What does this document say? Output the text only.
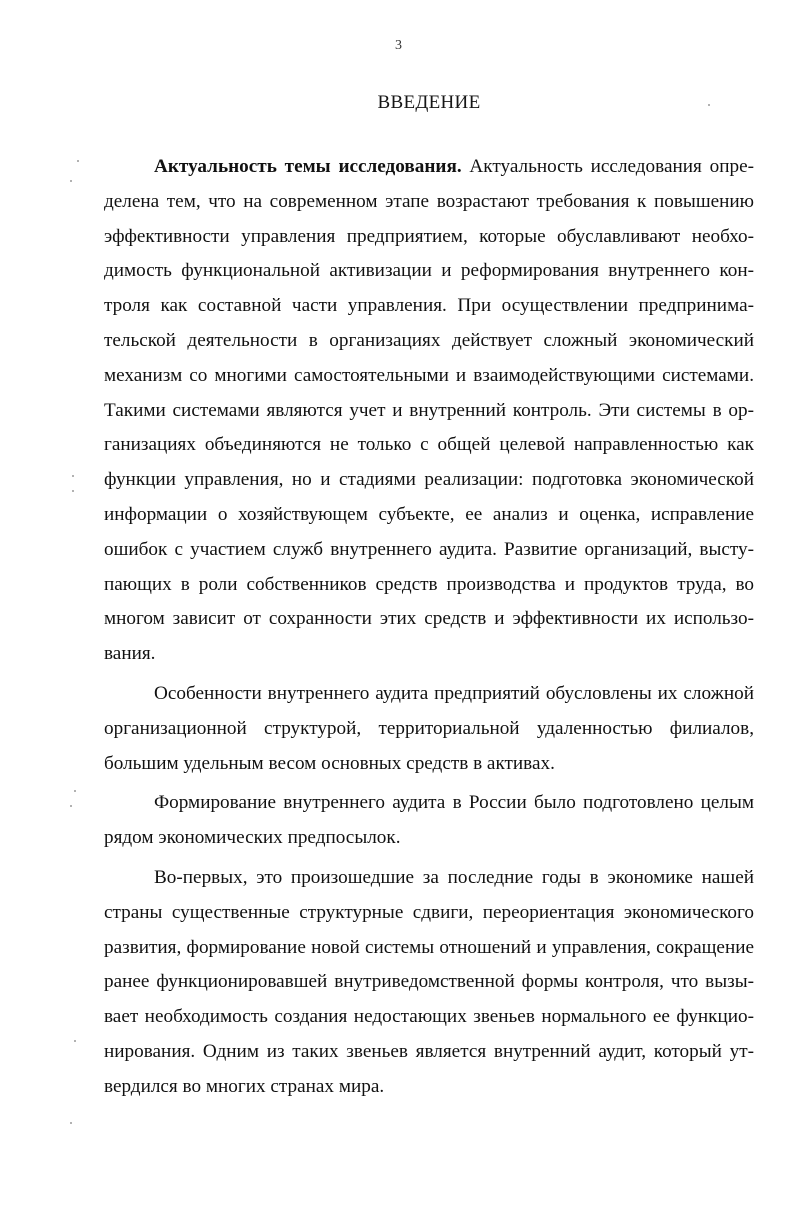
3
ВВЕДЕНИЕ

Актуальность темы исследования. Актуальность исследования определена тем, что на современном этапе возрастают требования к повышению эффективности управления предприятием, которые обуславливают необходимость функциональной активизации и реформирования внутреннего контроля как составной части управления. При осуществлении предпринимательской деятельности в организациях действует сложный экономический механизм со многими самостоятельными и взаимодействующими системами. Такими системами являются учет и внутренний контроль. Эти системы в организациях объединяются не только с общей целевой направленностью как функции управления, но и стадиями реализации: подготовка экономической информации о хозяйствующем субъекте, ее анализ и оценка, исправление ошибок с участием служб внутреннего аудита. Развитие организаций, выступающих в роли собственников средств производства и продуктов труда, во многом зависит от сохранности этих средств и эффективности их использования.

Особенности внутреннего аудита предприятий обусловлены их сложной организационной структурой, территориальной удаленностью филиалов, большим удельным весом основных средств в активах.

Формирование внутреннего аудита в России было подготовлено целым рядом экономических предпосылок.

Во-первых, это произошедшие за последние годы в экономике нашей страны существенные структурные сдвиги, переориентация экономического развития, формирование новой системы отношений и управления, сокращение ранее функционировавшей внутриведомственной формы контроля, что вызывает необходимость создания недостающих звеньев нормального ее функционирования. Одним из таких звеньев является внутренний аудит, который утвердился во многих странах мира.
